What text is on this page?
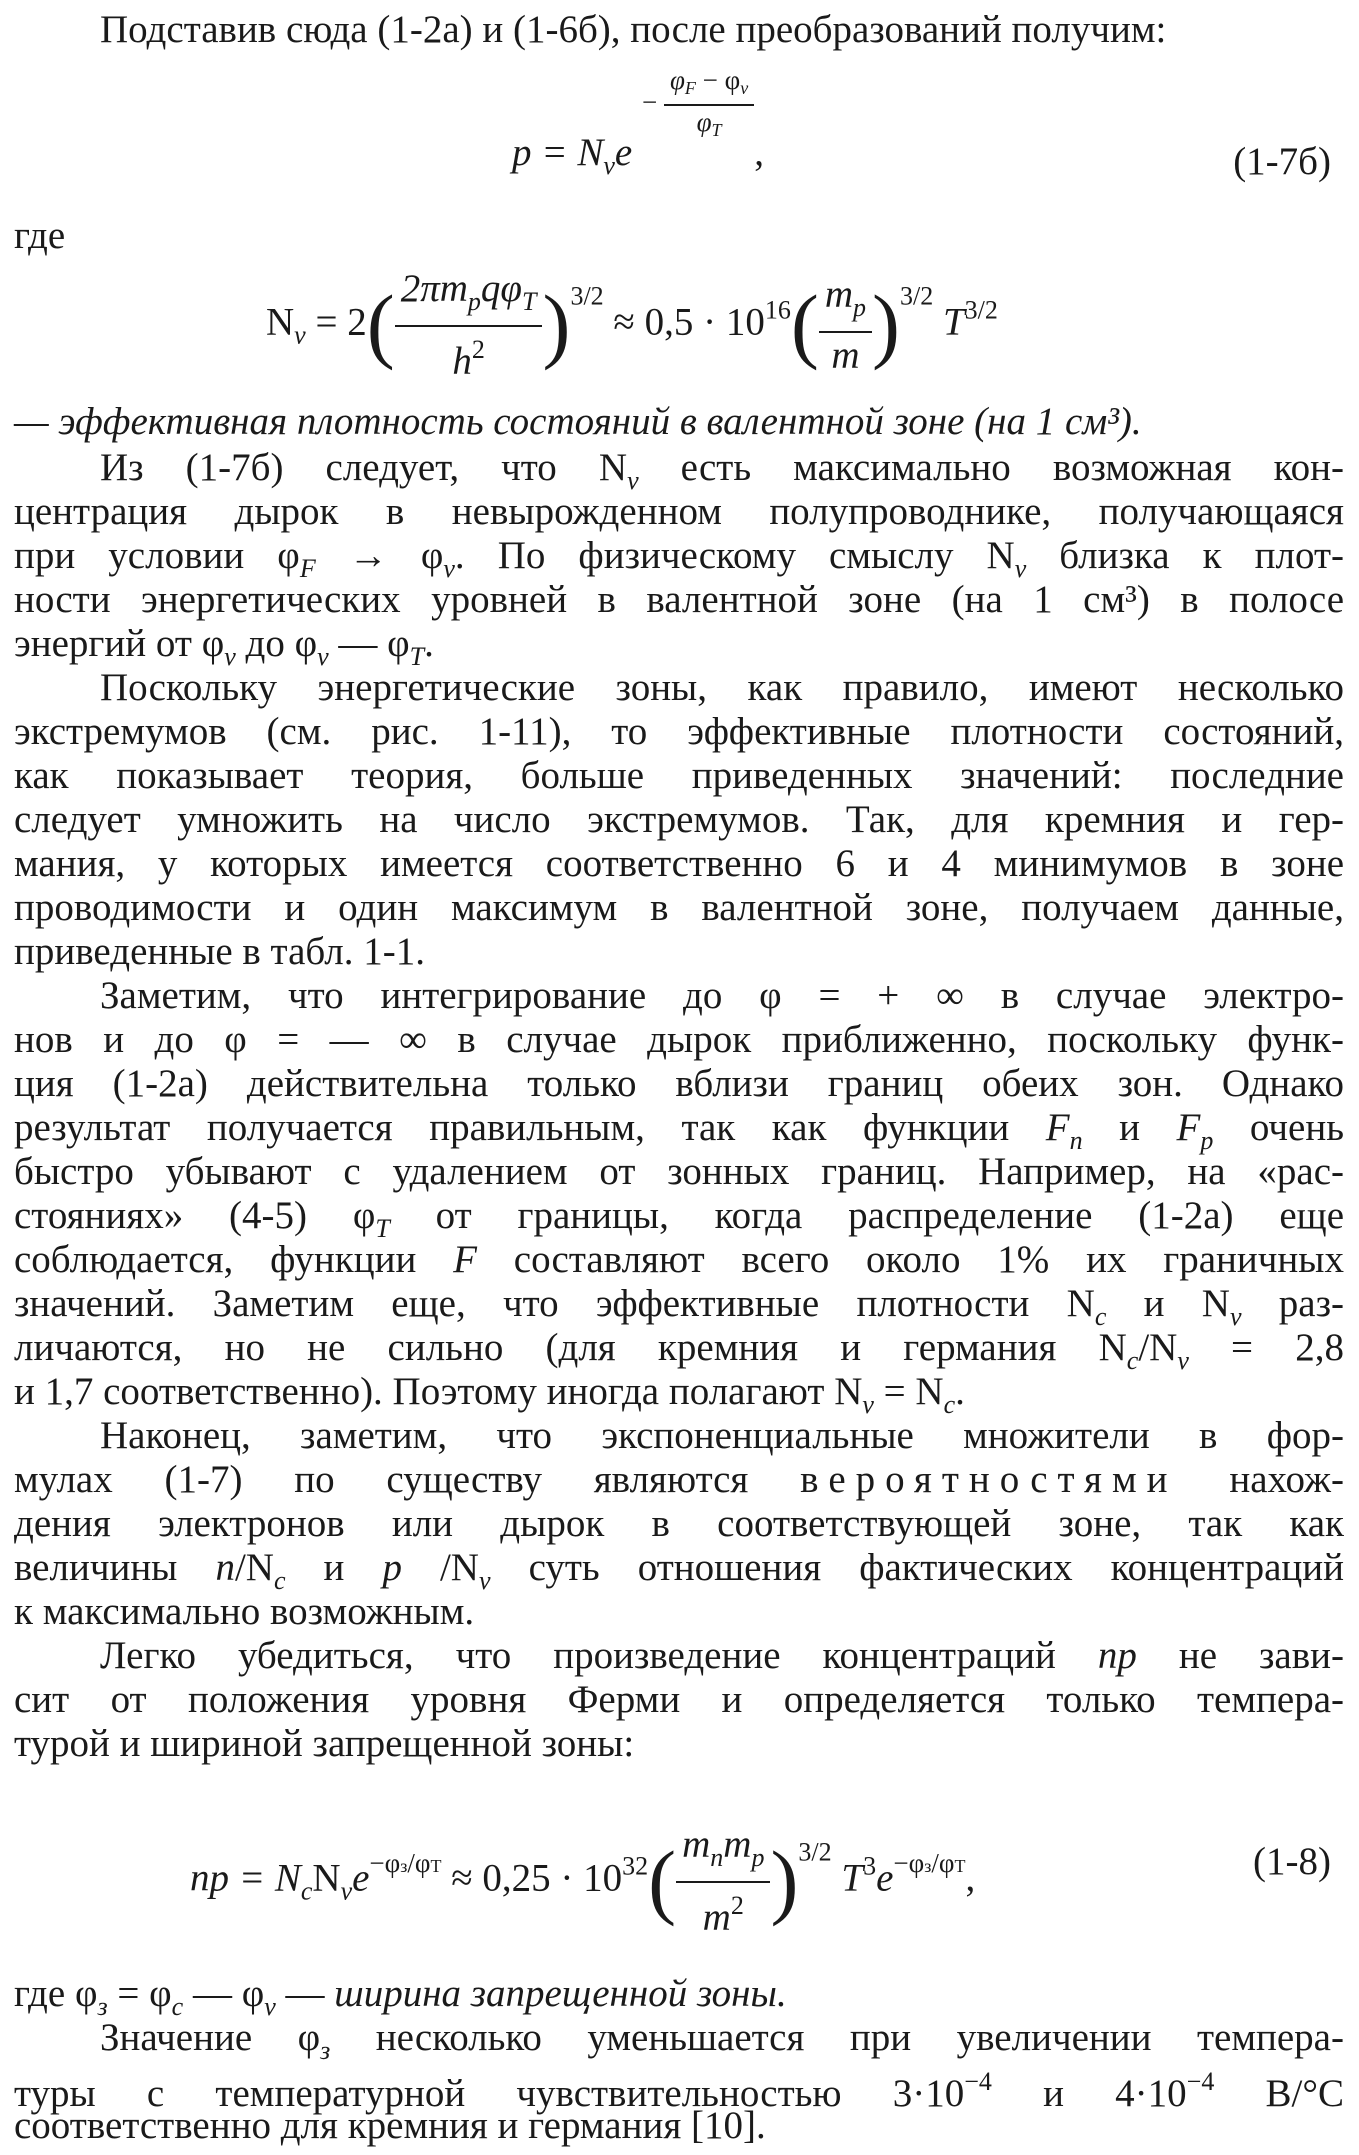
Подставив сюда (1-2а) и (1-6б), после преобразований получим:
$p = N_ve - \frac{\varphi_F - \varphi_v}{\varphi_T}$
,	(1-7б)
где
$N_v = 2( \frac{2\pi m_pq\varphi_T}{h^2} )^{3/2} \approx 0,5 \cdot 10^{16}( \frac{m_p}{m} )^{3/2}$ $T^{3/2}$
— эффективная плотность состояний в валентной зоне (на 1 см³).
Из (1-7б) следует, что $N_v$ есть максимально возможная кон-
центрация дырок в невырожденном полупроводнике, получающаяся
при условии $\varphi_F \to \varphi_v$. По физическому смыслу $N_v$ близка к плот-
ности энергетических уровней в валентной зоне (на 1 см³) в полосе
энергий от $\varphi_v$ до $\varphi_v$ — $\varphi_T$.
Поскольку энергетические зоны, как правило, имеют несколько
экстремумов (см. рис. 1-11), то эффективные плотности состояний,
как показывает теория, больше приведенных значений: последние
следует умножить на число экстремумов. Так, для кремния и гер-
мания, у которых имеется соответственно 6 и 4 минимумов в зоне
проводимости и один максимум в валентной зоне, получаем данные,
приведенные в табл. 1-1.
Заметим, что интегрирование до φ = + ∞ в случае электро-
нов и до φ = — ∞ в случае дырок приближенно, поскольку функ-
ция (1-2а) действительна только вблизи границ обеих зон. Однако
результат получается правильным, так как функции $F_n$ и $F_p$ очень
быстро убывают с удалением от зонных границ. Например, на «рас-
стояниях» (4-5) $\varphi_T$ от границы, когда распределение (1-2а) еще
соблюдается, функции F составляют всего около 1% их граничных
значений. Заметим еще, что эффективные плотности $N_c$ и $N_v$ раз-
личаются, но не сильно (для кремния и германия $N_c/N_v = 2,8$
и 1,7 соответственно). Поэтому иногда полагают $N_v = N_c$.
Наконец, заметим, что экспоненциальные множители в фор-
мулах (1-7) по существу являются вероятностями нахож-
дения электронов или дырок в соответствующей зоне, так как
величины $n/N_c$ и p $/N_v$ суть отношения фактических концентраций
к максимально возможным.
Легко убедиться, что произведение концентраций np не зави-
сит от положения уровня Ферми и определяется только темпера-
турой и шириной запрещенной зоны:
np = $N_cN_ve^{-\varphi з/\varphi T} \approx 0,25 \cdot 10^{32}( \frac{m_nm_p}{m^2} )^{3/2}$ $T^3e^{-\varphi з/\varphi T}$,	(1-8)
где $\varphi_з = \varphi_c$ — $\varphi_v$ — ширина запрещенной зоны.
Значение $\varphi_з$ несколько уменьшается при увеличении темпера-
туры с температурной чувствительностью $3\cdot 10^{-4}$ и $4\cdot 10^{-4}$ В/°С
соответственно для кремния и германия [10].
